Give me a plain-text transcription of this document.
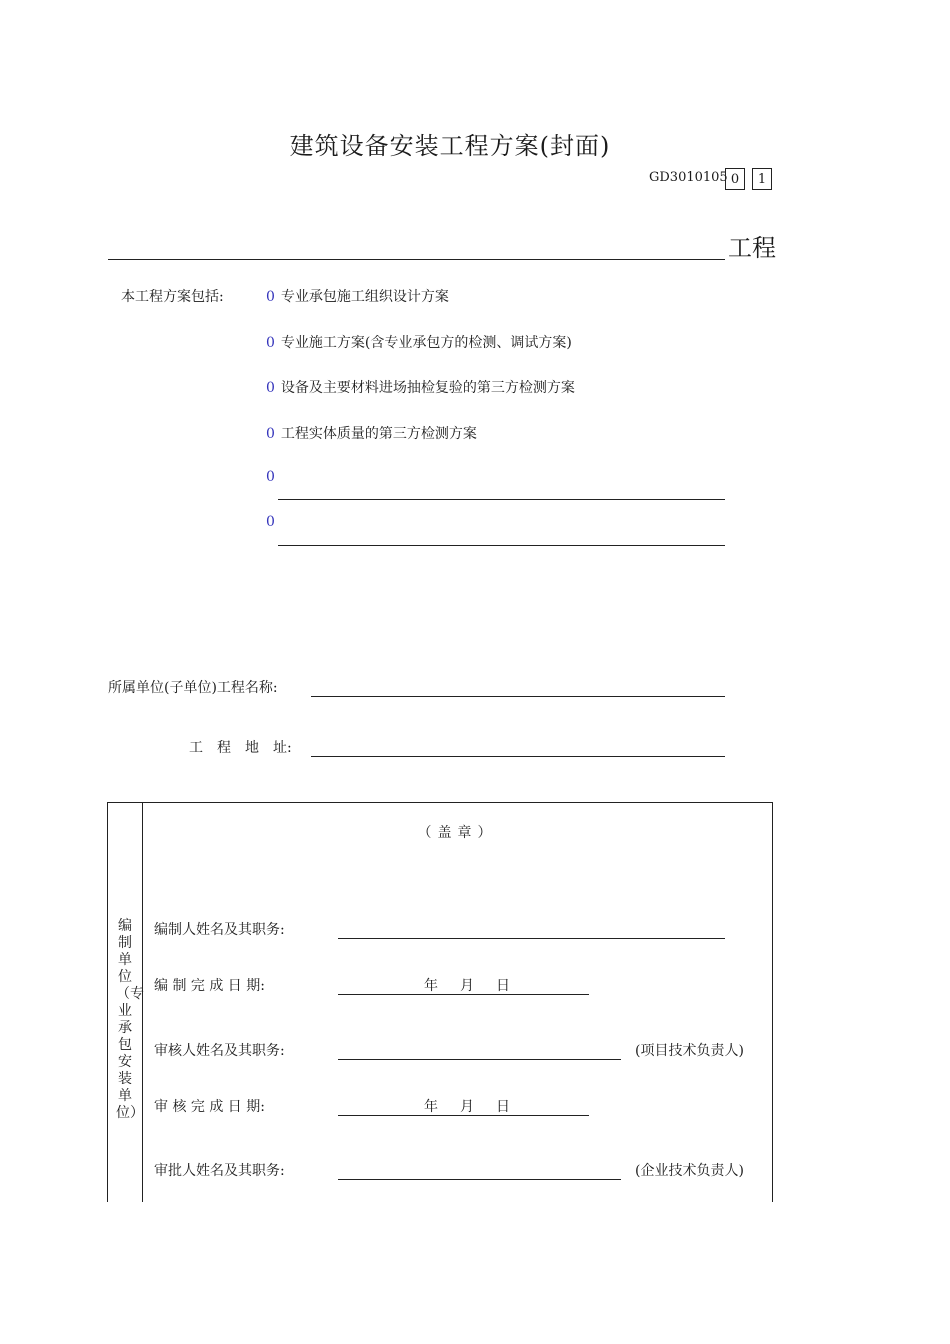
建筑设备安装工程方案(封面)
GD3010105 0	1
工程
本工程方案包括:	0 专业承包施工组织设计方案
0 专业施工方案(含专业承包方的检测、调试方案)
0 设备及主要材料进场抽检复验的第三方检测方案
0 工程实体质量的第三方检测方案
0
0
所属单位(子单位)工程名称:
工　程　地　址:
编制单位（专业承包安装单位）
（盖章）
编制人姓名及其职务:
编 制 完 成 日 期:	年　月　日
审核人姓名及其职务:	(项目技术负责人)
审 核 完 成 日 期:	年　月　日
审批人姓名及其职务:	(企业技术负责人)
